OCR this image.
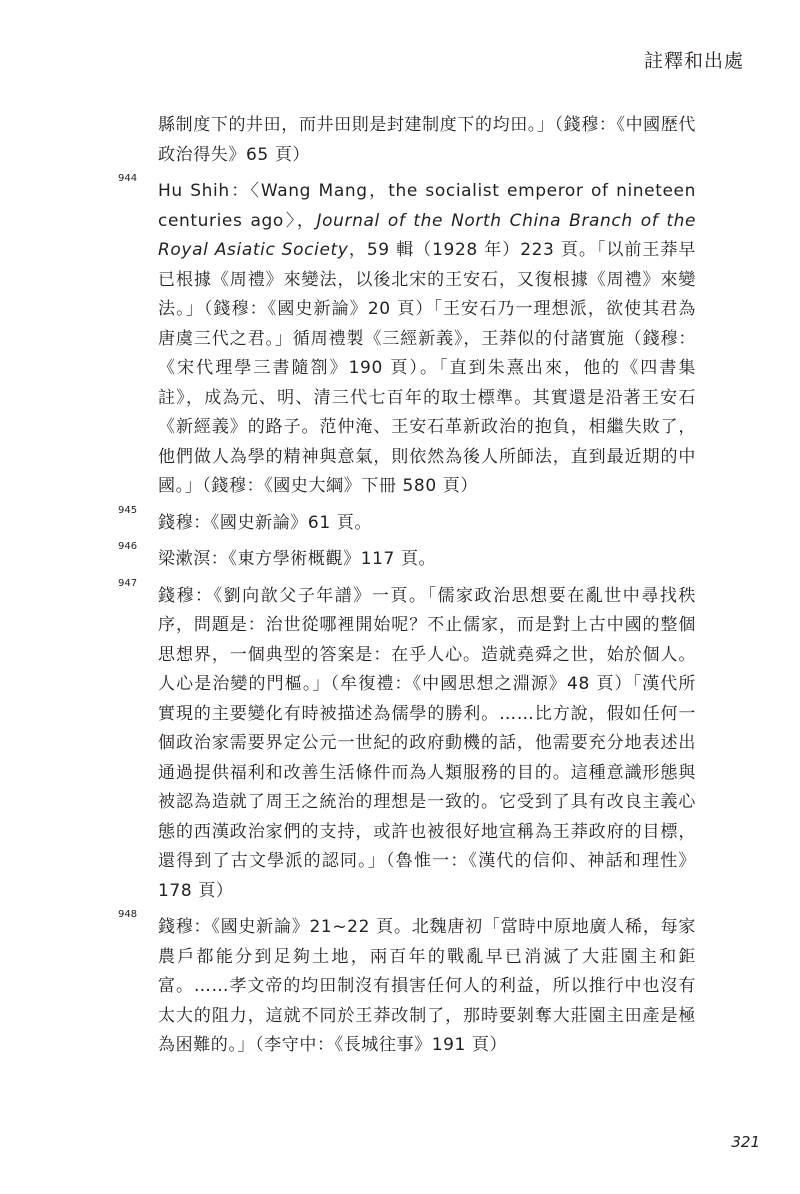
註釋和出處
縣制度下的井田，而井田則是封建制度下的均田。」（錢穆：《中國歷代政治得失》65 頁）
944
Hu Shih：〈Wang Mang，the socialist emperor of nineteen centuries ago〉，Journal of the North China Branch of the Royal Asiatic Society，59 輯（1928 年）223 頁。「以前王莽早已根據《周禮》來變法，以後北宋的王安石，又復根據《周禮》來變法。」（錢穆：《國史新論》20 頁）「王安石乃一理想派，欲使其君為唐虞三代之君。」循周禮製《三經新義》，王莽似的付諸實施（錢穆：《宋代理學三書隨劄》190 頁）。「直到朱熹出來，他的《四書集註》，成為元、明、清三代七百年的取士標準。其實還是沿著王安石《新經義》的路子。范仲淹、王安石革新政治的抱負，相繼失敗了，他們做人為學的精神與意氣，則依然為後人所師法，直到最近期的中國。」（錢穆：《國史大綱》下冊 580 頁）
945
錢穆：《國史新論》61 頁。
946
梁漱溟：《東方學術概觀》117 頁。
947
錢穆：《劉向歆父子年譜》一頁。「儒家政治思想要在亂世中尋找秩序，問題是：治世從哪裡開始呢？不止儒家，而是對上古中國的整個思想界，一個典型的答案是：在乎人心。造就堯舜之世，始於個人。人心是治變的門樞。」（牟復禮：《中國思想之淵源》48 頁）「漢代所實現的主要變化有時被描述為儒學的勝利。……比方說，假如任何一個政治家需要界定公元一世紀的政府動機的話，他需要充分地表述出通過提供福利和改善生活條件而為人類服務的目的。這種意識形態與被認為造就了周王之統治的理想是一致的。它受到了具有改良主義心態的西漢政治家們的支持，或許也被很好地宣稱為王莽政府的目標，還得到了古文學派的認同。」（魯惟一：《漢代的信仰、神話和理性》178 頁）
948
錢穆：《國史新論》21~22 頁。北魏唐初「當時中原地廣人稀，每家農戶都能分到足夠土地，兩百年的戰亂早已消滅了大莊園主和鉅富。……孝文帝的均田制沒有損害任何人的利益，所以推行中也沒有太大的阻力，這就不同於王莽改制了，那時要剝奪大莊園主田產是極為困難的。」（李守中：《長城往事》191 頁）
321
